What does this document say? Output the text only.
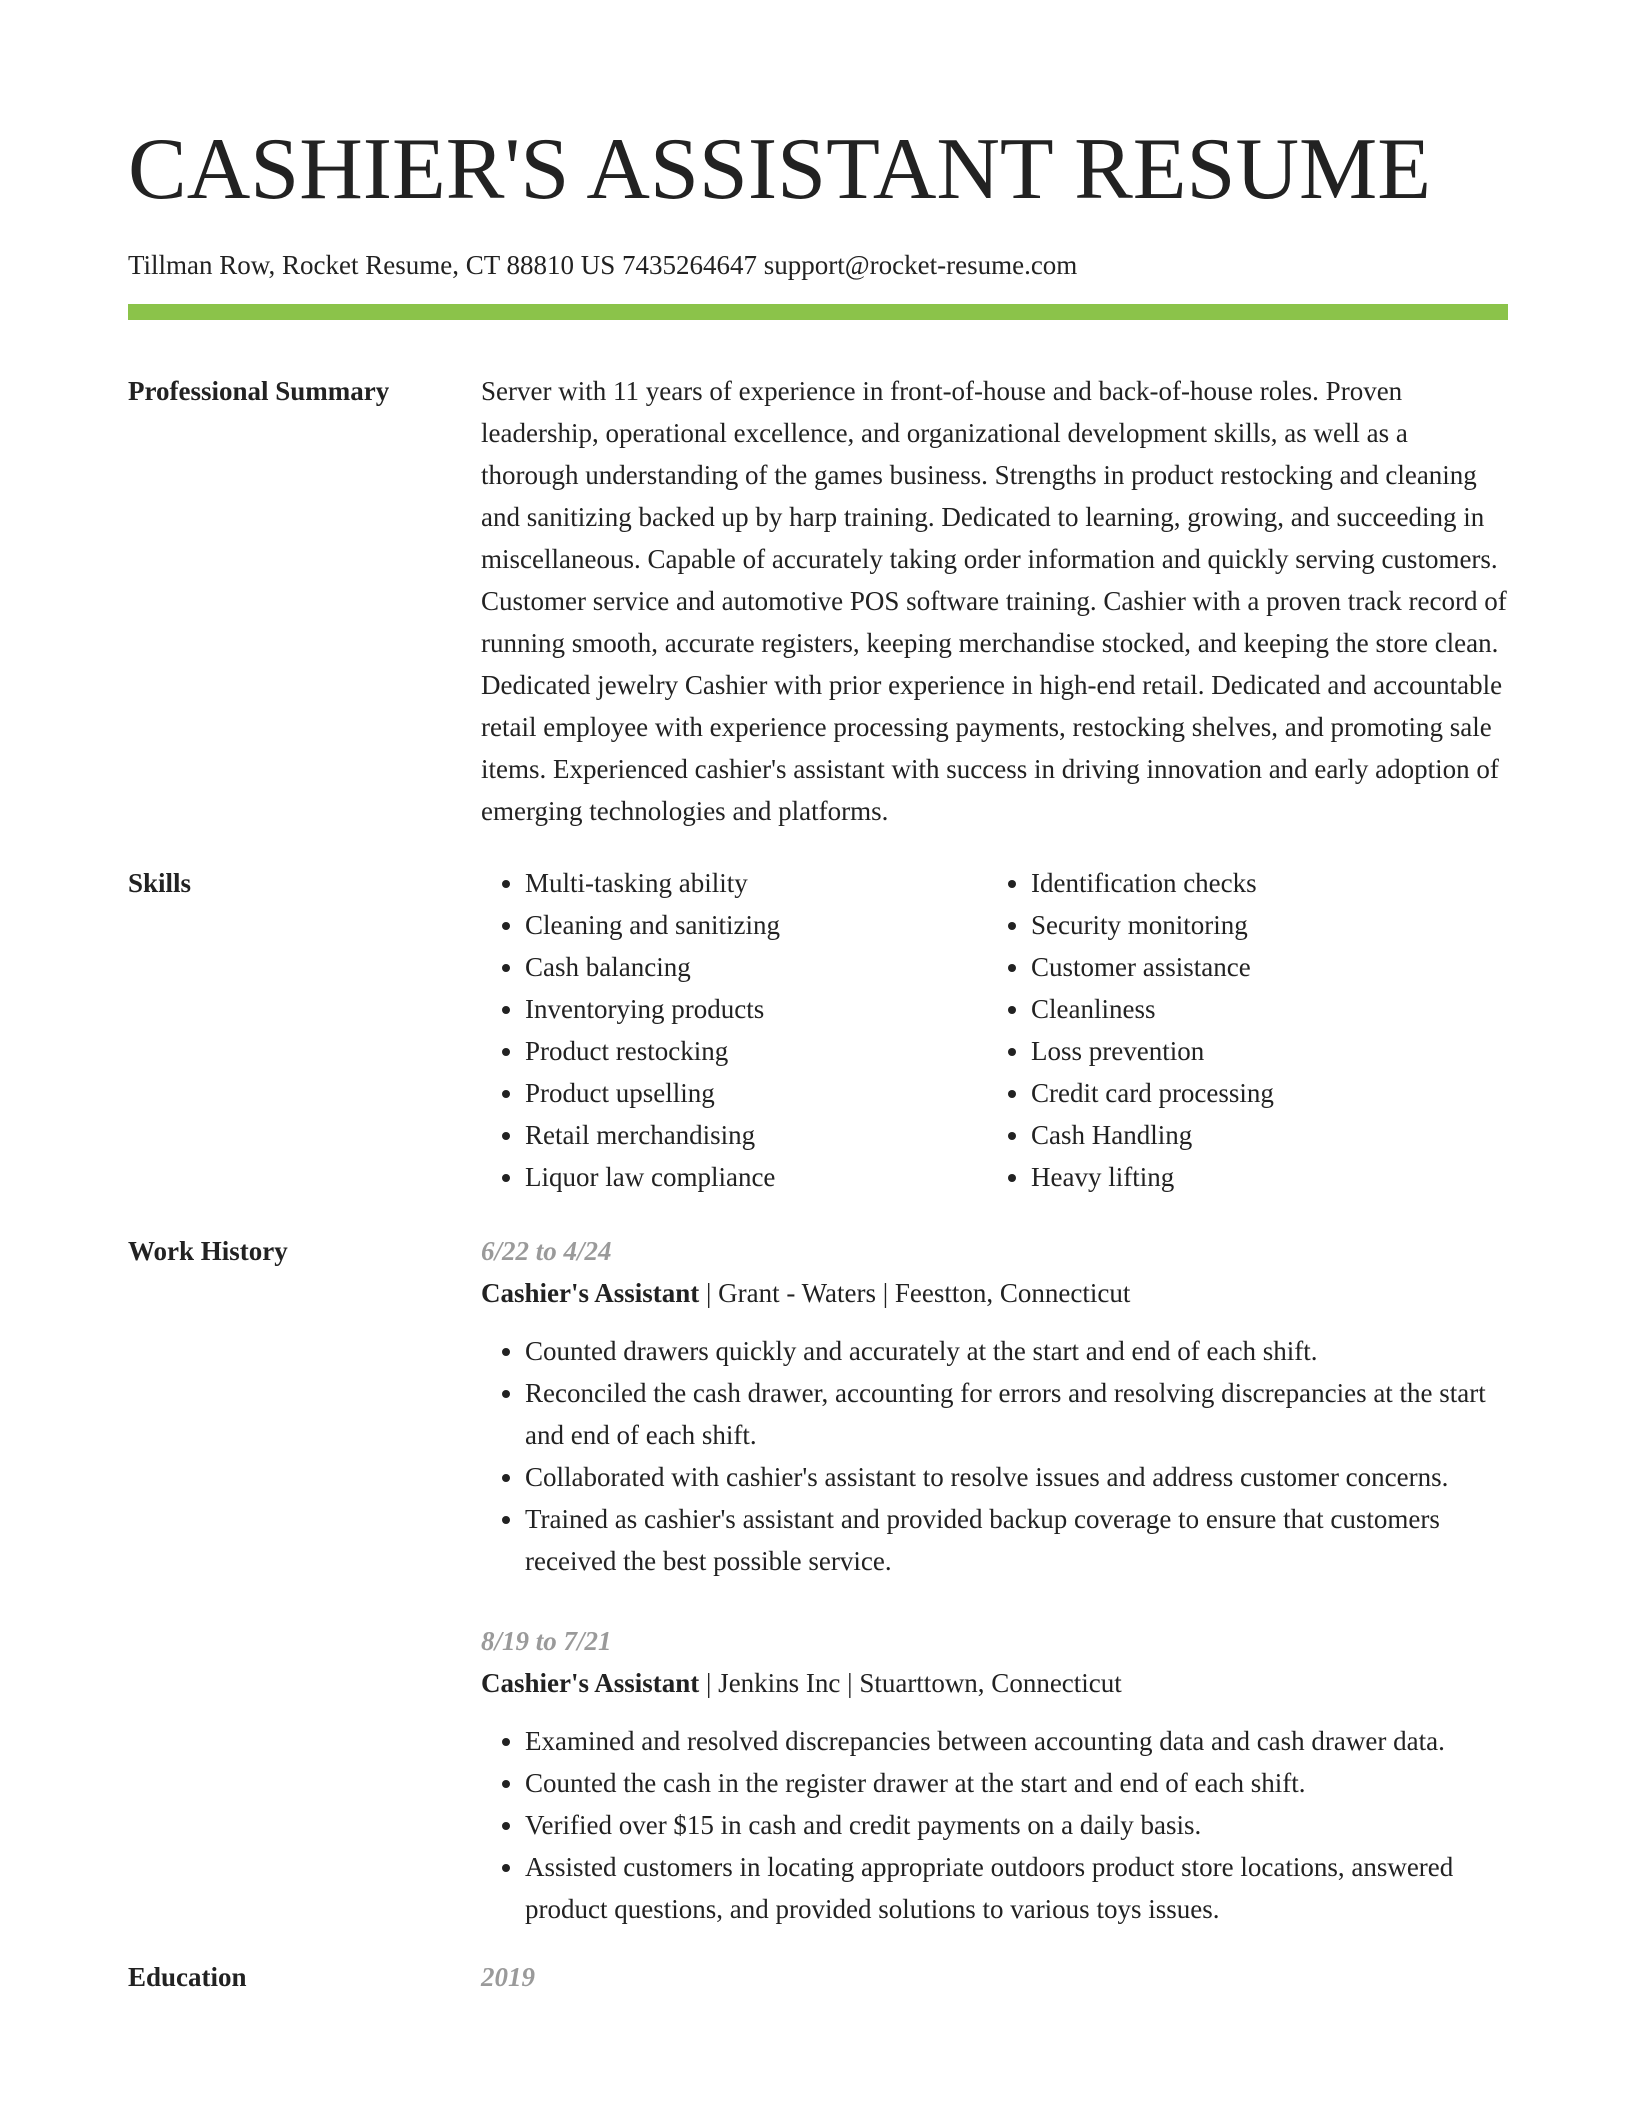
CASHIER'S ASSISTANT RESUME
Tillman Row, Rocket Resume, CT 88810 US 7435264647 support@rocket-resume.com
Professional Summary	Server with 11 years of experience in front-of-house and back-of-house roles. Proven leadership, operational excellence, and organizational development skills, as well as a thorough understanding of the games business. Strengths in product restocking and cleaning and sanitizing backed up by harp training. Dedicated to learning, growing, and succeeding in miscellaneous. Capable of accurately taking order information and quickly serving customers. Customer service and automotive POS software training. Cashier with a proven track record of running smooth, accurate registers, keeping merchandise stocked, and keeping the store clean. Dedicated jewelry Cashier with prior experience in high-end retail. Dedicated and accountable retail employee with experience processing payments, restocking shelves, and promoting sale items. Experienced cashier's assistant with success in driving innovation and early adoption of emerging technologies and platforms.
Skills
•	Multi-tasking ability
• Cleaning and sanitizing
• Cash balancing
• Inventorying products
• Product restocking
• Product upselling
• Retail merchandising
• Liquor law compliance
• Identification checks
• Security monitoring
• Customer assistance
• Cleanliness
• Loss prevention
• Credit card processing
• Cash Handling
• Heavy lifting
Work History	6/22 to 4/24
Cashier's Assistant | Grant - Waters | Feestton, Connecticut
• Counted drawers quickly and accurately at the start and end of each shift.
• Reconciled the cash drawer, accounting for errors and resolving discrepancies at the start and end of each shift.
• Collaborated with cashier's assistant to resolve issues and address customer concerns.
• Trained as cashier's assistant and provided backup coverage to ensure that customers received the best possible service.
8/19 to 7/21
Cashier's Assistant | Jenkins Inc | Stuarttown, Connecticut
• Examined and resolved discrepancies between accounting data and cash drawer data.
• Counted the cash in the register drawer at the start and end of each shift.
• Verified over $15 in cash and credit payments on a daily basis.
• Assisted customers in locating appropriate outdoors product store locations, answered product questions, and provided solutions to various toys issues.
Education	2019
